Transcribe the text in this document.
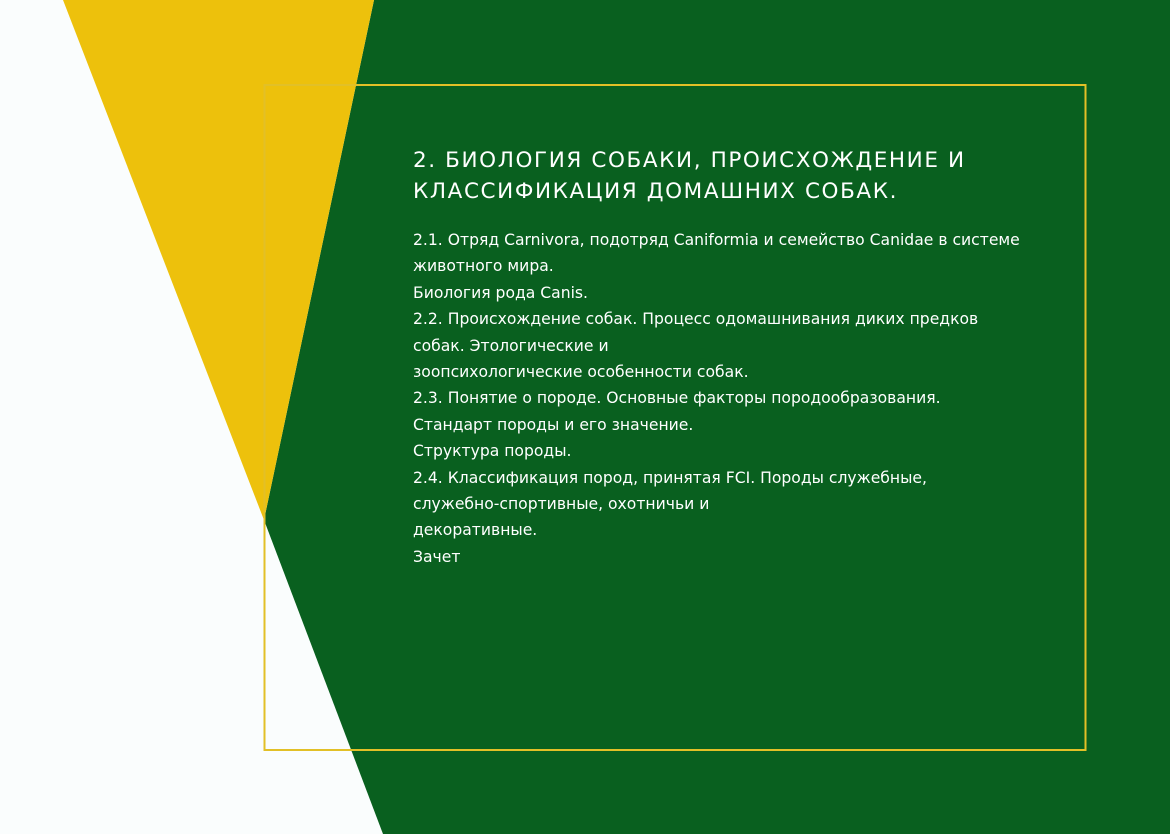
2. БИОЛОГИЯ СОБАКИ, ПРОИСХОЖДЕНИЕ И
КЛАССИФИКАЦИЯ ДОМАШНИХ СОБАК.
2.1. Отряд Carnivora, подотряд Caniformia и семейство Canidae в системе
животного мира.
Биология рода Canis.
2.2. Происхождение собак. Процесс одомашнивания диких предков
собак. Этологические и
зоопсихологические особенности собак.
2.3. Понятие о породе. Основные факторы породообразования.
Стандарт породы и его значение.
Структура породы.
2.4. Классификация пород, принятая FCI. Породы служебные,
служебно-спортивные, охотничьи и
декоративные.
Зачет
